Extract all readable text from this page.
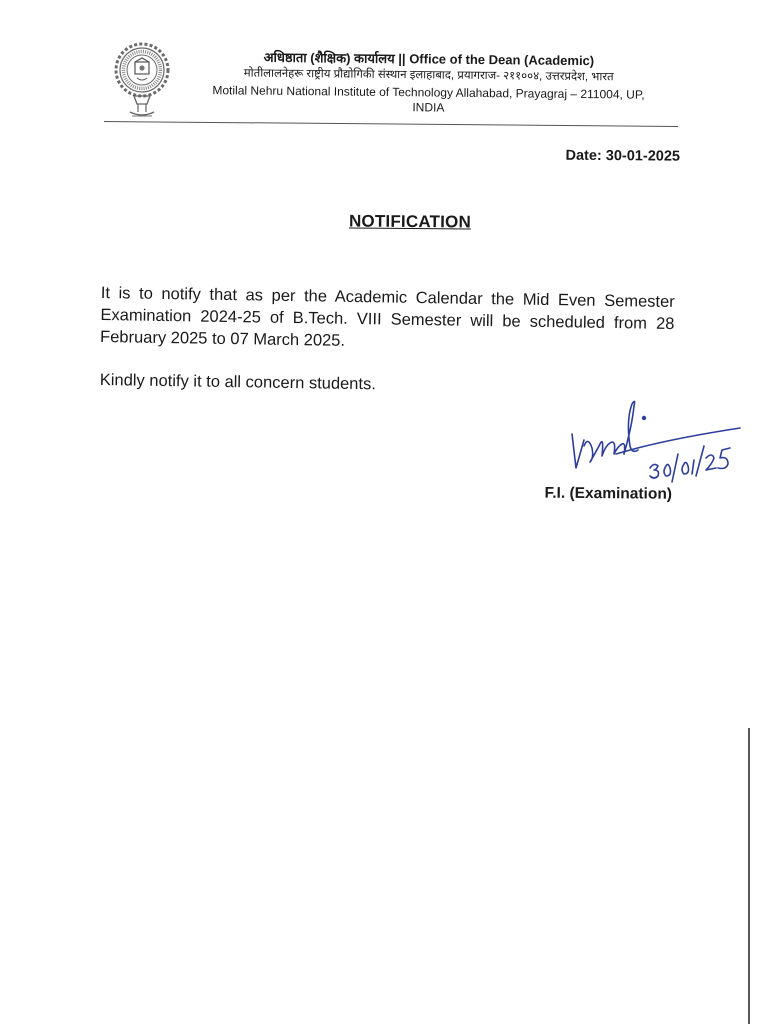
अधिष्ठाता (शैक्षिक) कार्यालय || Office of the Dean (Academic)
मोतीलालनेहरू राष्ट्रीय प्रौद्योगिकी संस्थान इलाहाबाद, प्रयागराज- २११००४, उत्तरप्रदेश, भारत
Motilal Nehru National Institute of Technology Allahabad, Prayagraj – 211004, UP,
INDIA
Date: 30-01-2025
NOTIFICATION
It is to notify that as per the Academic Calendar the Mid Even Semester Examination 2024-25 of B.Tech. VIII Semester will be scheduled from 28 February 2025 to 07 March 2025.
Kindly notify it to all concern students.
F.I. (Examination)
